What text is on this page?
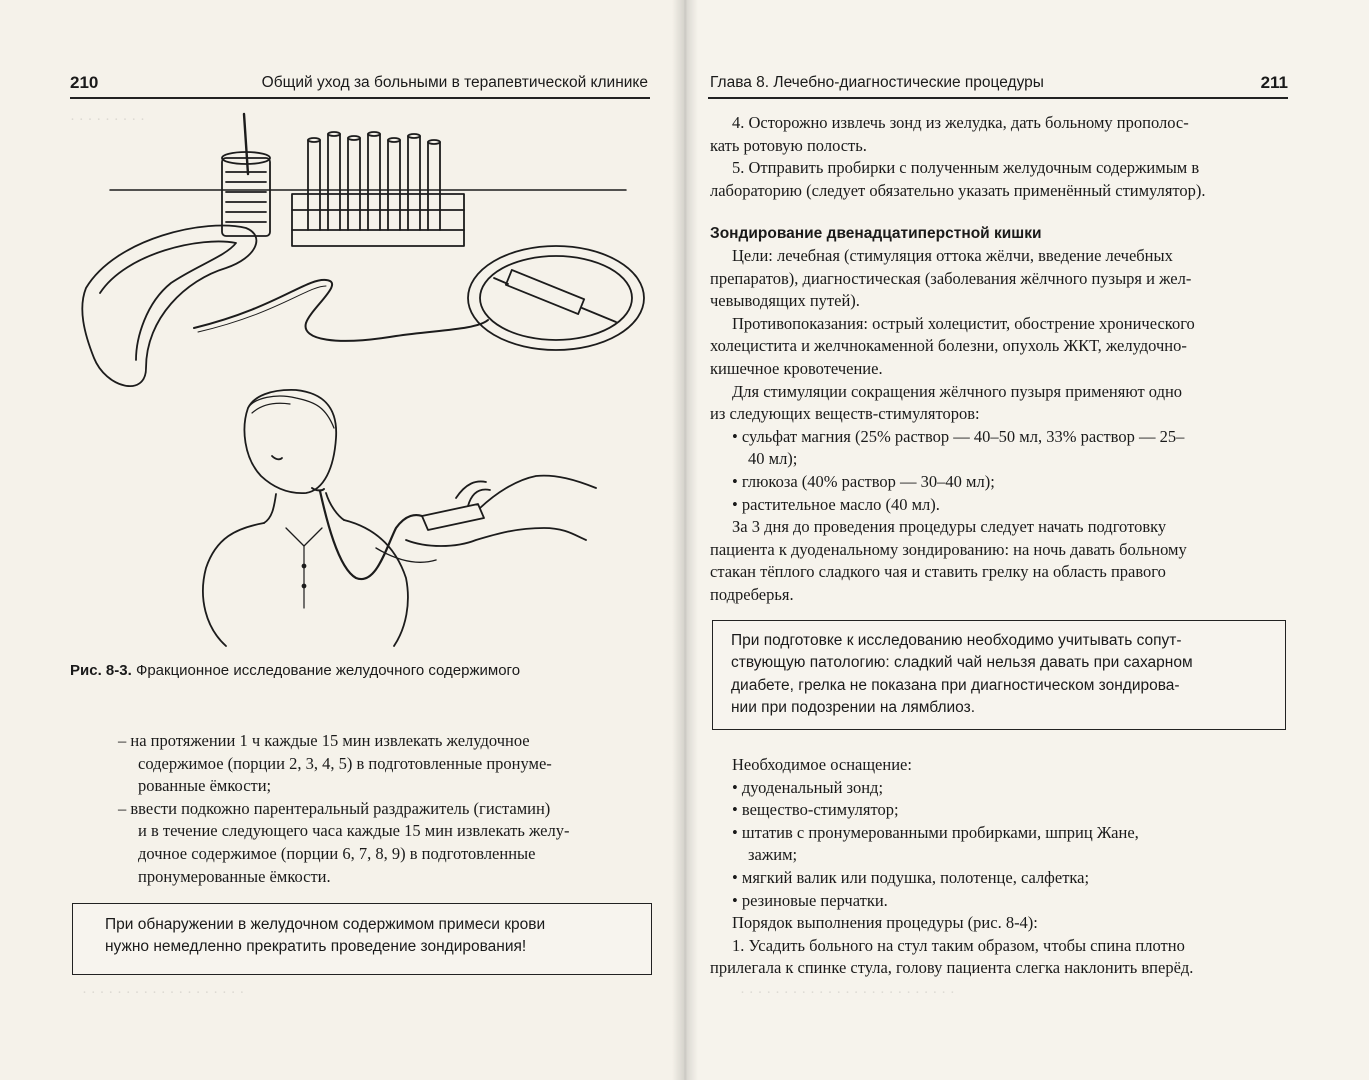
· · · · · · · · ·
210	Общий уход за больными в терапевтической клинике	Глава 8. Лечебно-диагностические процедуры	211
Рис. 8-3. Фракционное исследование желудочного содержимого
– на протяжении 1 ч каждые 15 мин извлекать желудочное
содержимое (порции 2, 3, 4, 5) в подготовленные пронуме-
рованные ёмкости;
– ввести подкожно парентеральный раздражитель (гистамин)
и в течение следующего часа каждые 15 мин извлекать желу-
дочное содержимое (порции 6, 7, 8, 9) в подготовленные
пронумерованные ёмкости.
При обнаружении в желудочном содержимом примеси крови
нужно немедленно прекратить проведение зондирования!
· · · · · · · · · · · · · · · · · · ·
4. Осторожно извлечь зонд из желудка, дать больному прополос-
кать ротовую полость.
5. Отправить пробирки с полученным желудочным содержимым в
лабораторию (следует обязательно указать применённый стимулятор).
Зондирование двенадцатиперстной кишки
Цели: лечебная (стимуляция оттока жёлчи, введение лечебных
препаратов), диагностическая (заболевания жёлчного пузыря и жел-
чевыводящих путей).
Противопоказания: острый холецистит, обострение хронического
холецистита и желчнокаменной болезни, опухоль ЖКТ, желудочно-
кишечное кровотечение.
Для стимуляции сокращения жёлчного пузыря применяют одно
из следующих веществ-стимуляторов:
• сульфат магния (25% раствор — 40–50 мл, 33% раствор — 25–
40 мл);
• глюкоза (40% раствор — 30–40 мл);
• растительное масло (40 мл).
За 3 дня до проведения процедуры следует начать подготовку
пациента к дуоденальному зондированию: на ночь давать больному
стакан тёплого сладкого чая и ставить грелку на область правого
подреберья.
При подготовке к исследованию необходимо учитывать сопут-
ствующую патологию: сладкий чай нельзя давать при сахарном
диабете, грелка не показана при диагностическом зондирова-
нии при подозрении на лямблиоз.
Необходимое оснащение:
• дуоденальный зонд;
• вещество-стимулятор;
• штатив с пронумерованными пробирками, шприц Жане,
зажим;
• мягкий валик или подушка, полотенце, салфетка;
• резиновые перчатки.
Порядок выполнения процедуры (рис. 8-4):
1. Усадить больного на стул таким образом, чтобы спина плотно
прилегала к спинке стула, голову пациента слегка наклонить вперёд.
· · · · · · · · · · · · · · · · · · · · · · · · ·
